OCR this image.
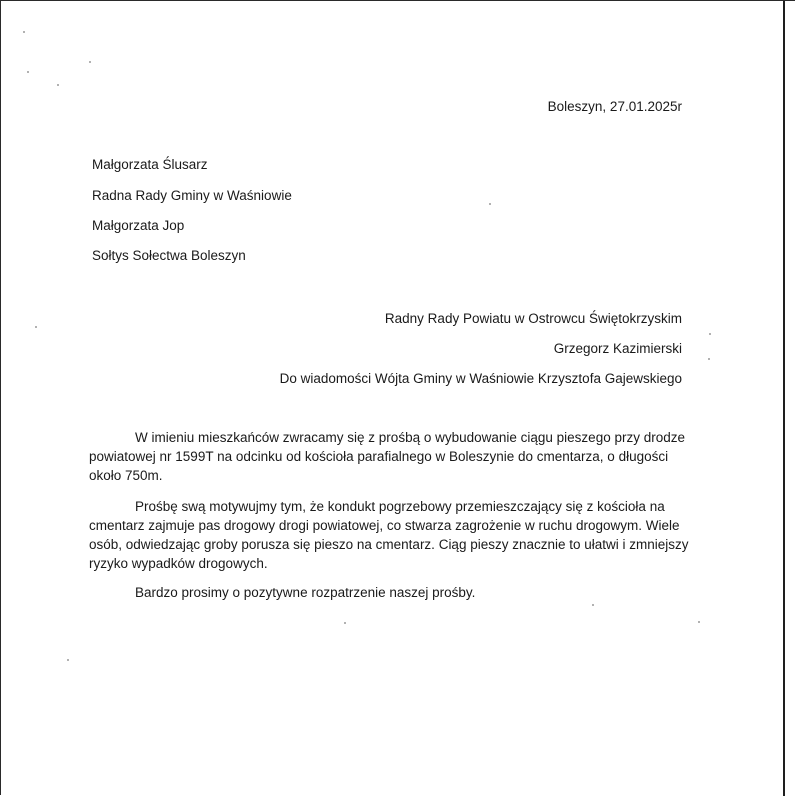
Boleszyn, 27.01.2025r
Małgorzata Ślusarz
Radna Rady Gminy w Waśniowie
Małgorzata Jop
Sołtys Sołectwa Boleszyn
Radny Rady Powiatu w Ostrowcu Świętokrzyskim
Grzegorz Kazimierski
Do wiadomości Wójta Gminy w Waśniowie Krzysztofa Gajewskiego

W imieniu mieszkańców zwracamy się z prośbą o wybudowanie ciągu pieszego przy drodze powiatowej nr 1599T na odcinku od kościoła parafialnego w Boleszynie do cmentarza, o długości około 750m.

Prośbę swą motywujmy tym, że kondukt pogrzebowy przemieszczający się z kościoła na cmentarz zajmuje pas drogowy drogi powiatowej, co stwarza zagrożenie w ruchu drogowym. Wiele osób, odwiedzając groby porusza się pieszo na cmentarz. Ciąg pieszy znacznie to ułatwi i zmniejszy ryzyko wypadków drogowych.

Bardzo prosimy o pozytywne rozpatrzenie naszej prośby.
